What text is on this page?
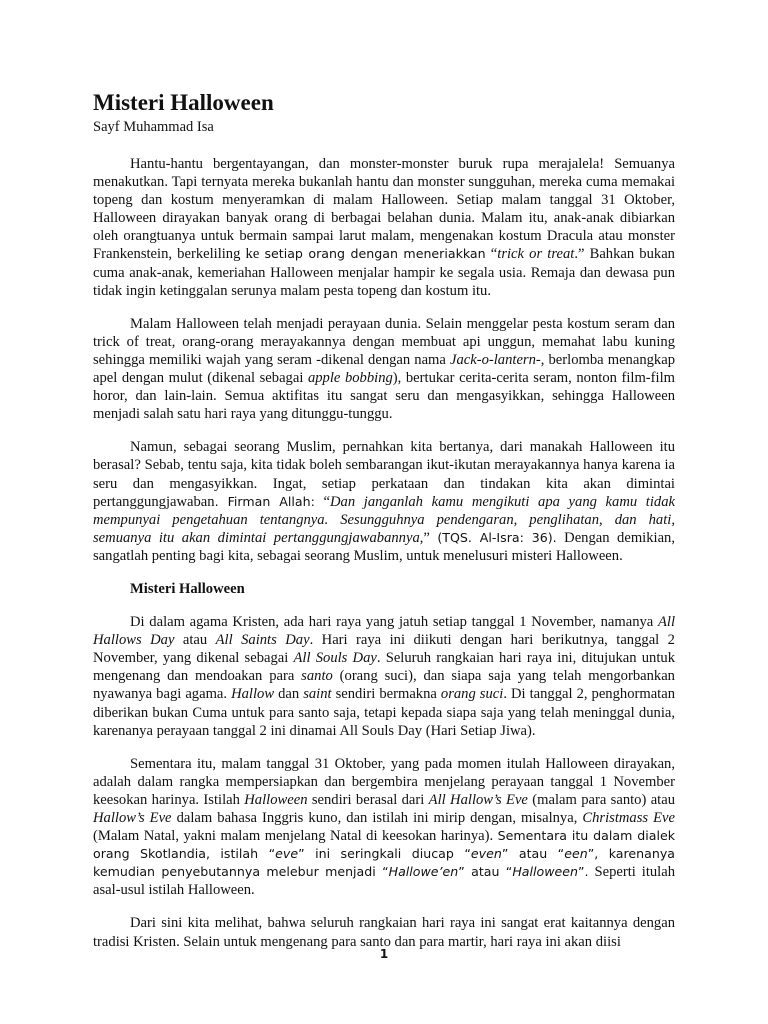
Misteri Halloween
Sayf Muhammad Isa
Hantu-hantu bergentayangan, dan monster-monster buruk rupa merajalela! Semuanya menakutkan. Tapi ternyata mereka bukanlah hantu dan monster sungguhan, mereka cuma memakai topeng dan kostum menyeramkan di malam Halloween. Setiap malam tanggal 31 Oktober, Halloween dirayakan banyak orang di berbagai belahan dunia. Malam itu, anak-anak dibiarkan oleh orangtuanya untuk bermain sampai larut malam, mengenakan kostum Dracula atau monster Frankenstein, berkeliling ke setiap orang dengan meneriakkan “trick or treat.” Bahkan bukan cuma anak-anak, kemeriahan Halloween menjalar hampir ke segala usia. Remaja dan dewasa pun tidak ingin ketinggalan serunya malam pesta topeng dan kostum itu.
Malam Halloween telah menjadi perayaan dunia. Selain menggelar pesta kostum seram dan trick of treat, orang-orang merayakannya dengan membuat api unggun, memahat labu kuning sehingga memiliki wajah yang seram -dikenal dengan nama Jack-o-lantern-, berlomba menangkap apel dengan mulut (dikenal sebagai apple bobbing), bertukar cerita-cerita seram, nonton film-film horor, dan lain-lain. Semua aktifitas itu sangat seru dan mengasyikkan, sehingga Halloween menjadi salah satu hari raya yang ditunggu-tunggu.
Namun, sebagai seorang Muslim, pernahkan kita bertanya, dari manakah Halloween itu berasal? Sebab, tentu saja, kita tidak boleh sembarangan ikut-ikutan merayakannya hanya karena ia seru dan mengasyikkan. Ingat, setiap perkataan dan tindakan kita akan dimintai pertanggungjawaban. Firman Allah: “Dan janganlah kamu mengikuti apa yang kamu tidak mempunyai pengetahuan tentangnya. Sesungguhnya pendengaran, penglihatan, dan hati, semuanya itu akan dimintai pertanggungjawabannya,” (TQS. Al-Isra: 36). Dengan demikian, sangatlah penting bagi kita, sebagai seorang Muslim, untuk menelusuri misteri Halloween.
Misteri Halloween
Di dalam agama Kristen, ada hari raya yang jatuh setiap tanggal 1 November, namanya All Hallows Day atau All Saints Day. Hari raya ini diikuti dengan hari berikutnya, tanggal 2 November, yang dikenal sebagai All Souls Day. Seluruh rangkaian hari raya ini, ditujukan untuk mengenang dan mendoakan para santo (orang suci), dan siapa saja yang telah mengorbankan nyawanya bagi agama. Hallow dan saint sendiri bermakna orang suci. Di tanggal 2, penghormatan diberikan bukan Cuma untuk para santo saja, tetapi kepada siapa saja yang telah meninggal dunia, karenanya perayaan tanggal 2 ini dinamai All Souls Day (Hari Setiap Jiwa).
Sementara itu, malam tanggal 31 Oktober, yang pada momen itulah Halloween dirayakan, adalah dalam rangka mempersiapkan dan bergembira menjelang perayaan tanggal 1 November keesokan harinya. Istilah Halloween sendiri berasal dari All Hallow’s Eve (malam para santo) atau Hallow’s Eve dalam bahasa Inggris kuno, dan istilah ini mirip dengan, misalnya, Christmass Eve (Malam Natal, yakni malam menjelang Natal di keesokan harinya). Sementara itu dalam dialek orang Skotlandia, istilah “eve” ini seringkali diucap “even” atau “een”, karenanya kemudian penyebutannya melebur menjadi “Hallowe’en” atau “Halloween”. Seperti itulah asal-usul istilah Halloween.
Dari sini kita melihat, bahwa seluruh rangkaian hari raya ini sangat erat kaitannya dengan tradisi Kristen. Selain untuk mengenang para santo dan para martir, hari raya ini akan diisi
1
